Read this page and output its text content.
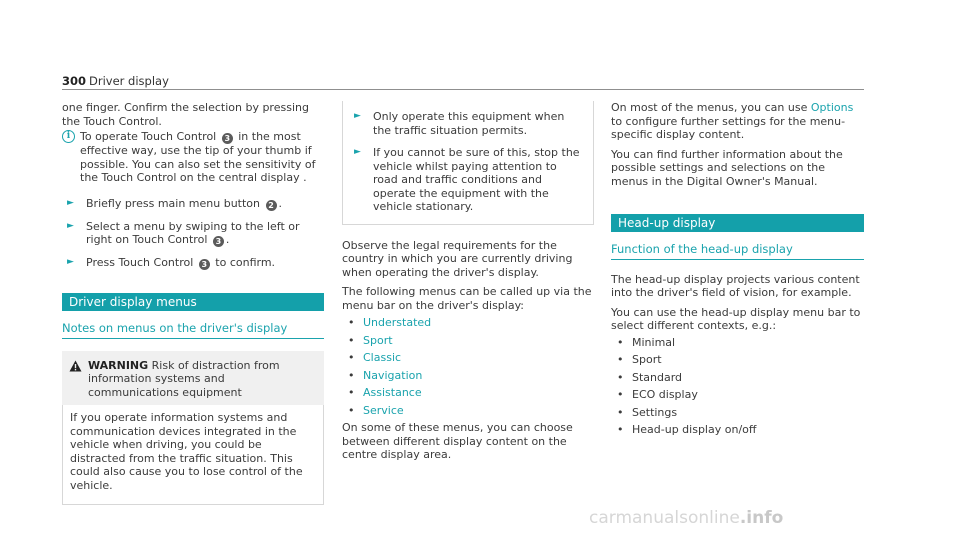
300 Driver display

one finger. Confirm the selection by pressing the Touch Control.

i To operate Touch Control 3 in the most effective way, use the tip of your thumb if possible. You can also set the sensitivity of the Touch Control on the central display .
►	Briefly press main menu button 2 .
►	Select a menu by swiping to the left or right on Touch Control 3 .
►	Press Touch Control 3 to confirm.
Driver display menus
Notes on menus on the driver's display
WARNING Risk of distraction from information systems and communications equipment
If you operate information systems and communication devices integrated in the vehicle when driving, you could be distracted from the traffic situation. This could also cause you to lose control of the vehicle.
►	Only operate this equipment when the traffic situation permits.
►	If you cannot be sure of this, stop the vehicle whilst paying attention to road and traffic conditions and operate the equipment with the vehicle stationary.

Observe the legal requirements for the country in which you are currently driving when operating the driver's display.

The following menus can be called up via the menu bar on the driver's display:

• Understated
• Sport
• Classic
• Navigation
• Assistance
• Service

On some of these menus, you can choose between different display content on the centre display area.

On most of the menus, you can use Options to configure further settings for the menu-specific display content.

You can find further information about the possible settings and selections on the menus in the Digital Owner's Manual.

Head-up display
Function of the head-up display

The head-up display projects various content into the driver's field of vision, for example.

You can use the head-up display menu bar to select different contexts, e.g.:

• Minimal
• Sport
• Standard
• ECO display
• Settings
• Head-up display on/off
carmanualsonline.info
